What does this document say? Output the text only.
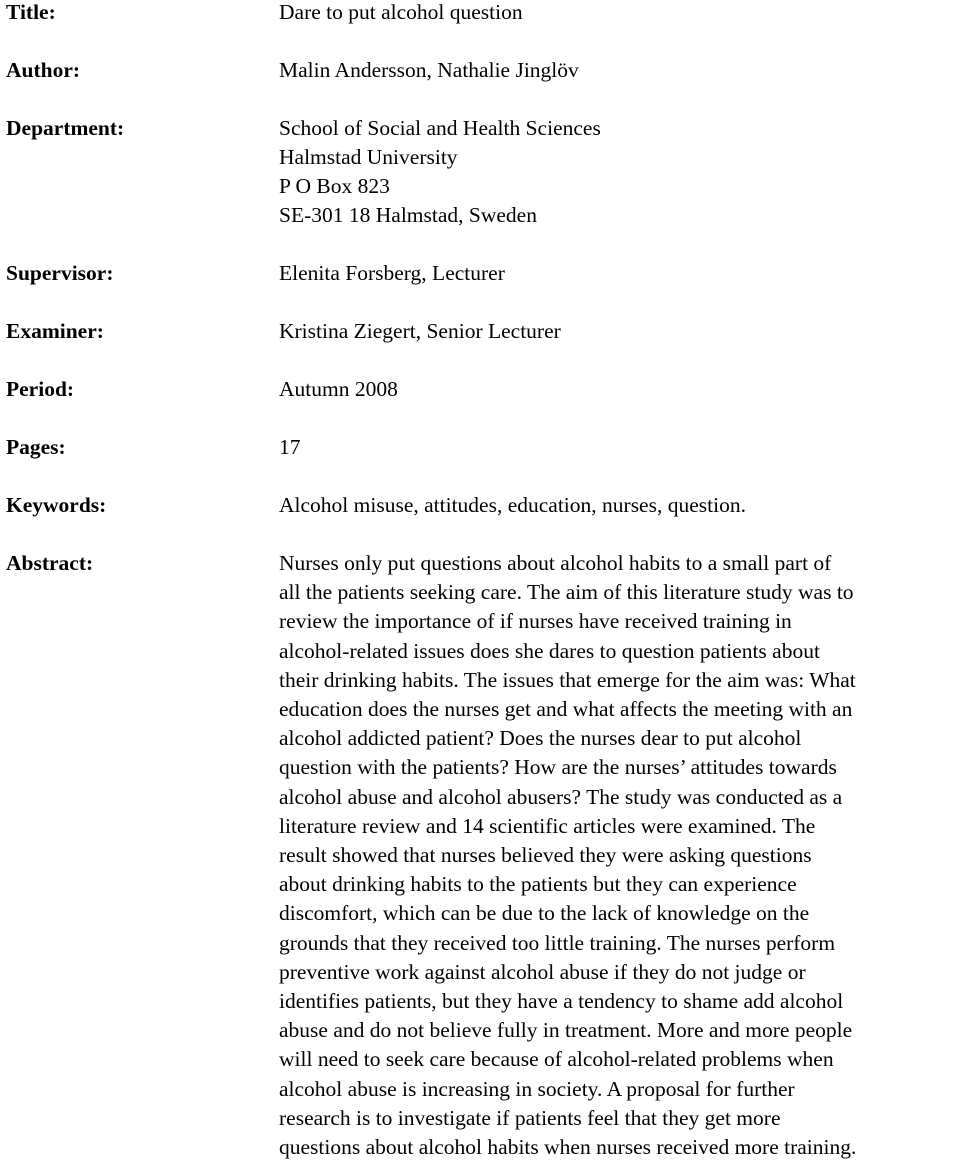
Title:	Dare to put alcohol question
Author:	Malin Andersson, Nathalie Jinglöv
Department:	School of Social and Health Sciences
Halmstad University
P O Box 823
SE-301 18 Halmstad, Sweden
Supervisor:	Elenita Forsberg, Lecturer
Examiner:	Kristina Ziegert, Senior Lecturer
Period:	Autumn 2008
Pages:	17
Keywords:	Alcohol misuse, attitudes, education, nurses, question.
Abstract:	Nurses only put questions about alcohol habits to a small part of
all the patients seeking care. The aim of this literature study was to
review the importance of if nurses have received training in
alcohol-related issues does she dares to question patients about
their drinking habits. The issues that emerge for the aim was: What
education does the nurses get and what affects the meeting with an
alcohol addicted patient? Does the nurses dear to put alcohol
question with the patients? How are the nurses’ attitudes towards
alcohol abuse and alcohol abusers? The study was conducted as a
literature review and 14 scientific articles were examined. The
result showed that nurses believed they were asking questions
about drinking habits to the patients but they can experience
discomfort, which can be due to the lack of knowledge on the
grounds that they received too little training. The nurses perform
preventive work against alcohol abuse if they do not judge or
identifies patients, but they have a tendency to shame add alcohol
abuse and do not believe fully in treatment. More and more people
will need to seek care because of alcohol-related problems when
alcohol abuse is increasing in society. A proposal for further
research is to investigate if patients feel that they get more
questions about alcohol habits when nurses received more training.
